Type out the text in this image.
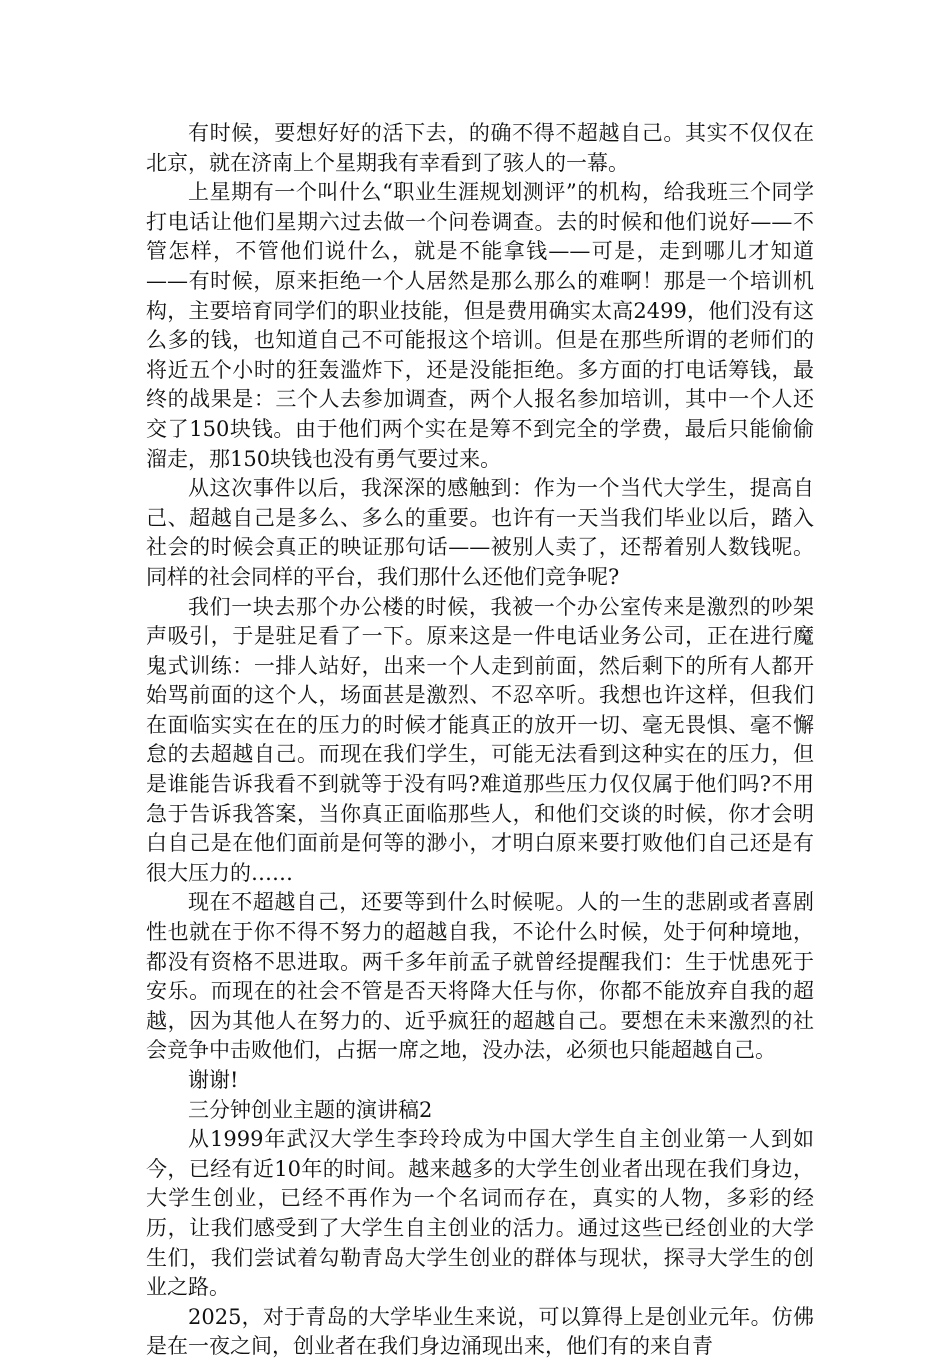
有时候，要想好好的活下去，的确不得不超越自己。其实不仅仅在北京，就在济南上个星期我有幸看到了骇人的一幕。

上星期有一个叫什么“职业生涯规划测评”的机构，给我班三个同学打电话让他们星期六过去做一个问卷调查。去的时候和他们说好——不管怎样，不管他们说什么，就是不能拿钱——可是，走到哪儿才知道——有时候，原来拒绝一个人居然是那么那么的难啊！那是一个培训机构，主要培育同学们的职业技能，但是费用确实太高2499，他们没有这么多的钱，也知道自己不可能报这个培训。但是在那些所谓的老师们的将近五个小时的狂轰滥炸下，还是没能拒绝。多方面的打电话筹钱，最终的战果是：三个人去参加调查，两个人报名参加培训，其中一个人还交了150块钱。由于他们两个实在是筹不到完全的学费，最后只能偷偷溜走，那150块钱也没有勇气要过来。

从这次事件以后，我深深的感触到：作为一个当代大学生，提高自己、超越自己是多么、多么的重要。也许有一天当我们毕业以后，踏入社会的时候会真正的映证那句话——被别人卖了，还帮着别人数钱呢。同样的社会同样的平台，我们那什么还他们竞争呢?

我们一块去那个办公楼的时候，我被一个办公室传来是激烈的吵架声吸引，于是驻足看了一下。原来这是一件电话业务公司，正在进行魔鬼式训练：一排人站好，出来一个人走到前面，然后剩下的所有人都开始骂前面的这个人，场面甚是激烈、不忍卒听。我想也许这样，但我们在面临实实在在的压力的时候才能真正的放开一切、毫无畏惧、毫不懈怠的去超越自己。而现在我们学生，可能无法看到这种实在的压力，但是谁能告诉我看不到就等于没有吗?难道那些压力仅仅属于他们吗?不用急于告诉我答案，当你真正面临那些人，和他们交谈的时候，你才会明白自己是在他们面前是何等的渺小，才明白原来要打败他们自己还是有很大压力的……

现在不超越自己，还要等到什么时候呢。人的一生的悲剧或者喜剧性也就在于你不得不努力的超越自我，不论什么时候，处于何种境地，都没有资格不思进取。两千多年前孟子就曾经提醒我们：生于忧患死于安乐。而现在的社会不管是否天将降大任与你，你都不能放弃自我的超越，因为其他人在努力的、近乎疯狂的超越自己。要想在未来激烈的社会竞争中击败他们，占据一席之地，没办法，必须也只能超越自己。

谢谢!

三分钟创业主题的演讲稿2

从1999年武汉大学生李玲玲成为中国大学生自主创业第一人到如今，已经有近10年的时间。越来越多的大学生创业者出现在我们身边，大学生创业，已经不再作为一个名词而存在，真实的人物，多彩的经历，让我们感受到了大学生自主创业的活力。通过这些已经创业的大学生们，我们尝试着勾勒青岛大学生创业的群体与现状，探寻大学生的创业之路。

2025，对于青岛的大学毕业生来说，可以算得上是创业元年。仿佛是在一夜之间，创业者在我们身边涌现出来，他们有的来自青
